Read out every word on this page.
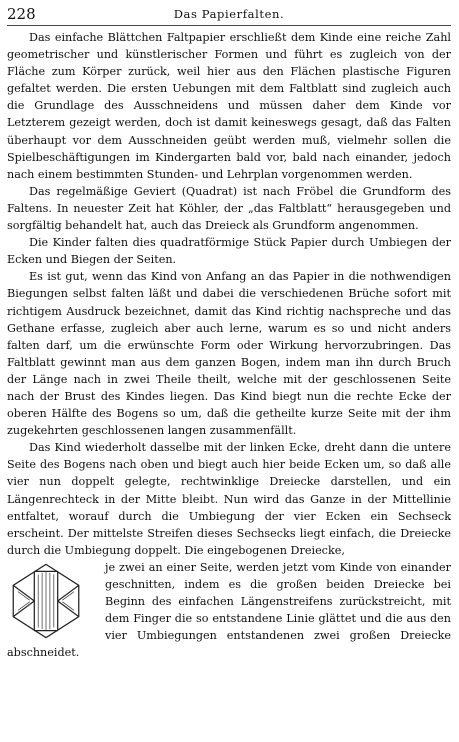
228	Das Papierfalten.

Das einfache Blättchen Faltpapier erschließt dem Kinde eine reiche Zahl geometrischer und künstlerischer Formen und führt es zugleich von der Fläche zum Körper zurück, weil hier aus den Flächen plastische Figuren gefaltet werden. Die ersten Uebungen mit dem Faltblatt sind zugleich auch die Grundlage des Ausschneidens und müssen daher dem Kinde vor Letzterem gezeigt werden, doch ist damit keineswegs gesagt, daß das Falten überhaupt vor dem Ausschneiden geübt werden muß, vielmehr sollen die Spielbeschäftigungen im Kindergarten bald vor, bald nach einander, jedoch nach einem bestimmten Stunden- und Lehrplan vorgenommen werden.

Das regelmäßige Geviert (Quadrat) ist nach Fröbel die Grundform des Faltens. In neuester Zeit hat Köhler, der „das Faltblatt“ herausgegeben und sorgfältig behandelt hat, auch das Dreieck als Grundform angenommen.

Die Kinder falten dies quadratförmige Stück Papier durch Umbiegen der Ecken und Biegen der Seiten.

Es ist gut, wenn das Kind von Anfang an das Papier in die nothwendigen Biegungen selbst falten läßt und dabei die verschiedenen Brüche sofort mit richtigem Ausdruck bezeichnet, damit das Kind richtig nachspreche und das Gethane erfasse, zugleich aber auch lerne, warum es so und nicht anders falten darf, um die erwünschte Form oder Wirkung hervorzubringen. Das Faltblatt gewinnt man aus dem ganzen Bogen, indem man ihn durch Bruch der Länge nach in zwei Theile theilt, welche mit der geschlossenen Seite nach der Brust des Kindes liegen. Das Kind biegt nun die rechte Ecke der oberen Hälfte des Bogens so um, daß die getheilte kurze Seite mit der ihm zugekehrten geschlossenen langen zusammenfällt.

Das Kind wiederholt dasselbe mit der linken Ecke, dreht dann die untere Seite des Bogens nach oben und biegt auch hier beide Ecken um, so daß alle vier nun doppelt gelegte, rechtwinklige Dreiecke darstellen, und ein Längenrechteck in der Mitte bleibt. Nun wird das Ganze in der Mittellinie entfaltet, worauf durch die Umbiegung der vier Ecken ein Sechseck erscheint. Der mittelste Streifen dieses Sechsecks liegt einfach, die Dreiecke durch die Umbiegung doppelt. Die eingebogenen Dreiecke,

je zwei an einer Seite, werden jetzt vom Kinde von einander geschnitten, indem es die großen beiden Dreiecke bei Beginn des einfachen Längenstreifens zurückstreicht, mit dem Finger die so entstandene Linie glättet und die aus den vier Umbiegungen entstandenen zwei großen Dreiecke abschneidet.
